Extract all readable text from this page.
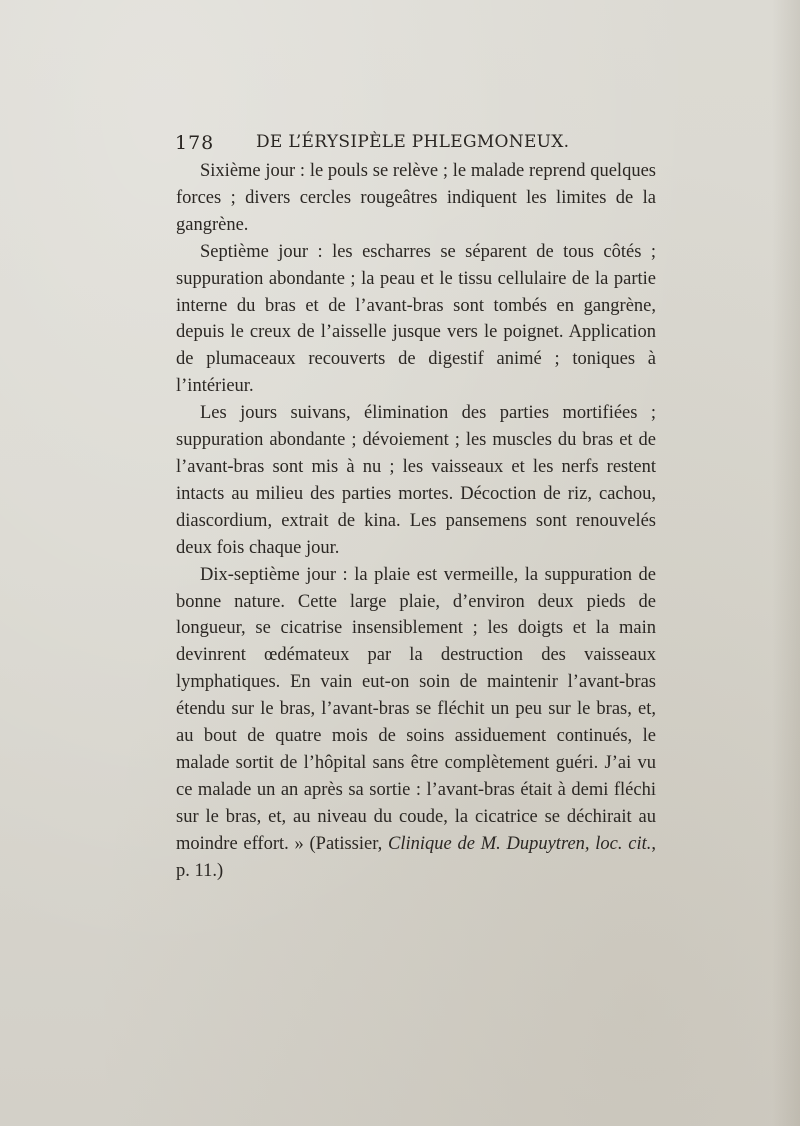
178 DE L’ÉRYSIPÈLE PHLEGMONEUX.

Sixième jour : le pouls se relève ; le malade reprend quelques forces ; divers cercles rougeâtres indiquent les limites de la gangrène.

Septième jour : les escharres se séparent de tous côtés ; suppuration abondante ; la peau et le tissu cellulaire de la partie interne du bras et de l’avant-bras sont tombés en gangrène, depuis le creux de l’aisselle jusque vers le poignet. Application de plumaceaux recouverts de digestif animé ; toniques à l’intérieur.

Les jours suivans, élimination des parties mortifiées ; suppuration abondante ; dévoiement ; les muscles du bras et de l’avant-bras sont mis à nu ; les vaisseaux et les nerfs restent intacts au milieu des parties mortes. Décoction de riz, cachou, diascordium, extrait de kina. Les pansemens sont renouvelés deux fois chaque jour.

Dix-septième jour : la plaie est vermeille, la suppuration de bonne nature. Cette large plaie, d’environ deux pieds de longueur, se cicatrise insensiblement ; les doigts et la main devinrent œdémateux par la destruction des vaisseaux lymphatiques. En vain eut-on soin de maintenir l’avant-bras étendu sur le bras, l’avant-bras se fléchit un peu sur le bras, et, au bout de quatre mois de soins assiduement continués, le malade sortit de l’hôpital sans être complètement guéri. J’ai vu ce malade un an après sa sortie : l’avant-bras était à demi fléchi sur le bras, et, au niveau du coude, la cicatrice se déchirait au moindre effort. » (Patissier, Clinique de M. Dupuytren, loc. cit., p. 11.)
